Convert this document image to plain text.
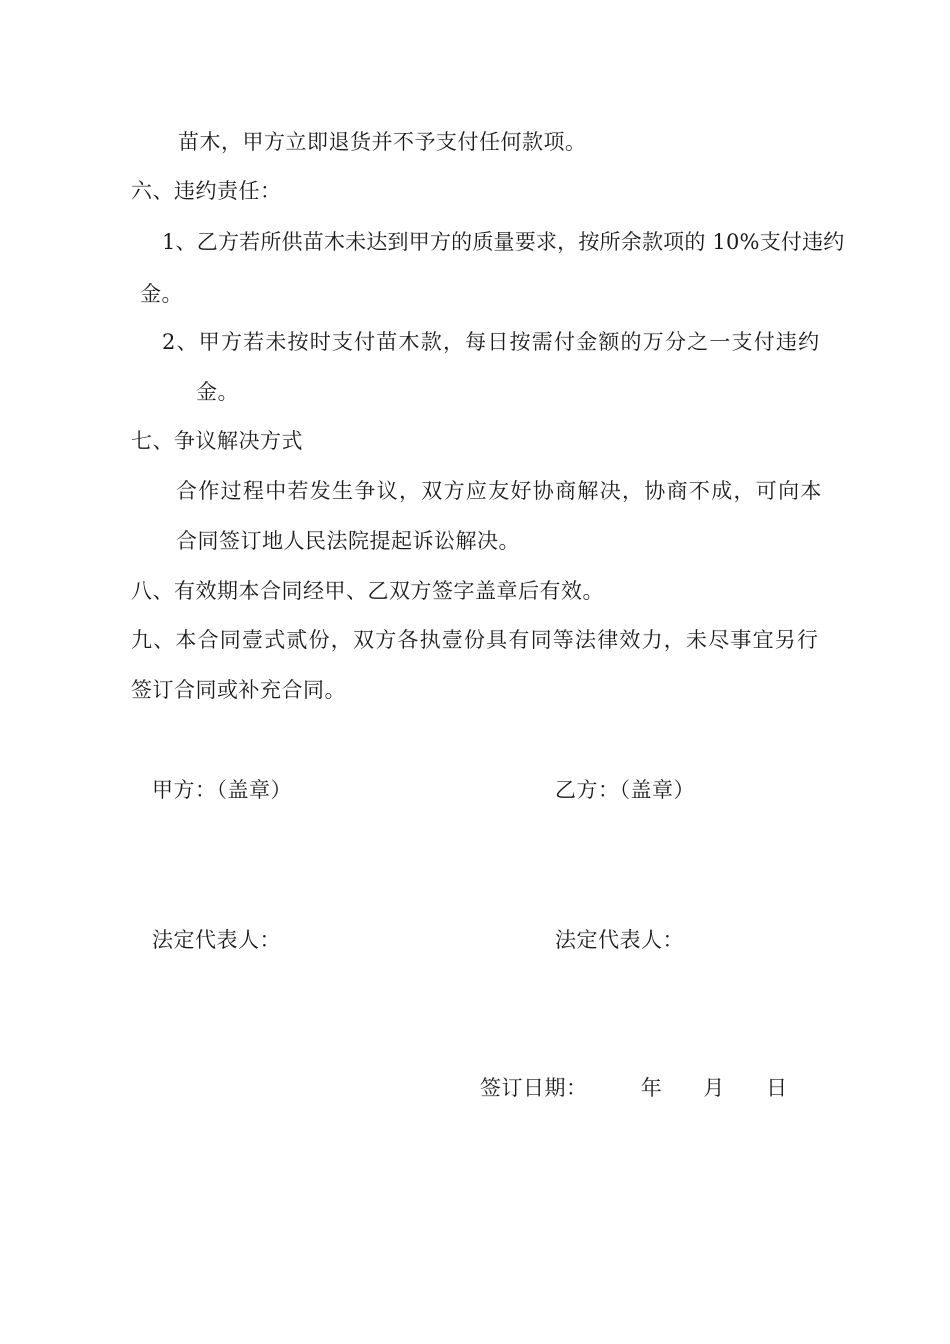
苗木，甲方立即退货并不予支付任何款项。
六、违约责任：
1、乙方若所供苗木未达到甲方的质量要求，按所余款项的 10%支付违约
金。
2、甲方若未按时支付苗木款，每日按需付金额的万分之一支付违约
金。
七、争议解决方式
合作过程中若发生争议，双方应友好协商解决，协商不成，可向本
合同签订地人民法院提起诉讼解决。
八、有效期本合同经甲、乙双方签字盖章后有效。
九、本合同壹式贰份，双方各执壹份具有同等法律效力，未尽事宜另行
签订合同或补充合同。
甲方：（盖章）	乙方：（盖章）
法定代表人：	法定代表人：
签订日期：	年 月 日
